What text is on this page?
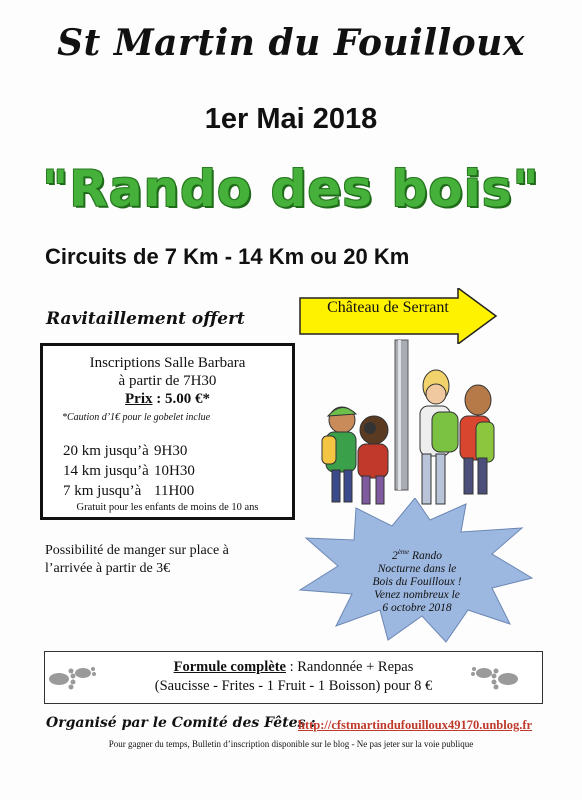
St Martin du Fouilloux
1er Mai 2018
"Rando des bois"
Circuits de 7 Km - 14 Km ou 20 Km
Ravitaillement offert
Inscriptions Salle Barbara
à partir de 7H30
Prix : 5.00 €*
*Caution d’1€ pour le gobelet inclue
20 km jusqu’à 9H30
14 km jusqu’à 10H30
7 km jusqu’à 11H00
Gratuit pour les enfants de moins de 10 ans
Possibilité de manger sur place à
l’arrivée à partir de 3€
Château de Serrant
2ème Rando
Nocturne dans le
Bois du Fouilloux !
Venez nombreux le
6 octobre 2018
Formule complète : Randonnée + Repas
(Saucisse - Frites - 1 Fruit - 1 Boisson) pour 8 €
Organisé par le Comité des Fêtes :
http://cfstmartindufouilloux49170.unblog.fr
Pour gagner du temps, Bulletin d’inscription disponible sur le blog - Ne pas jeter sur la voie publique
